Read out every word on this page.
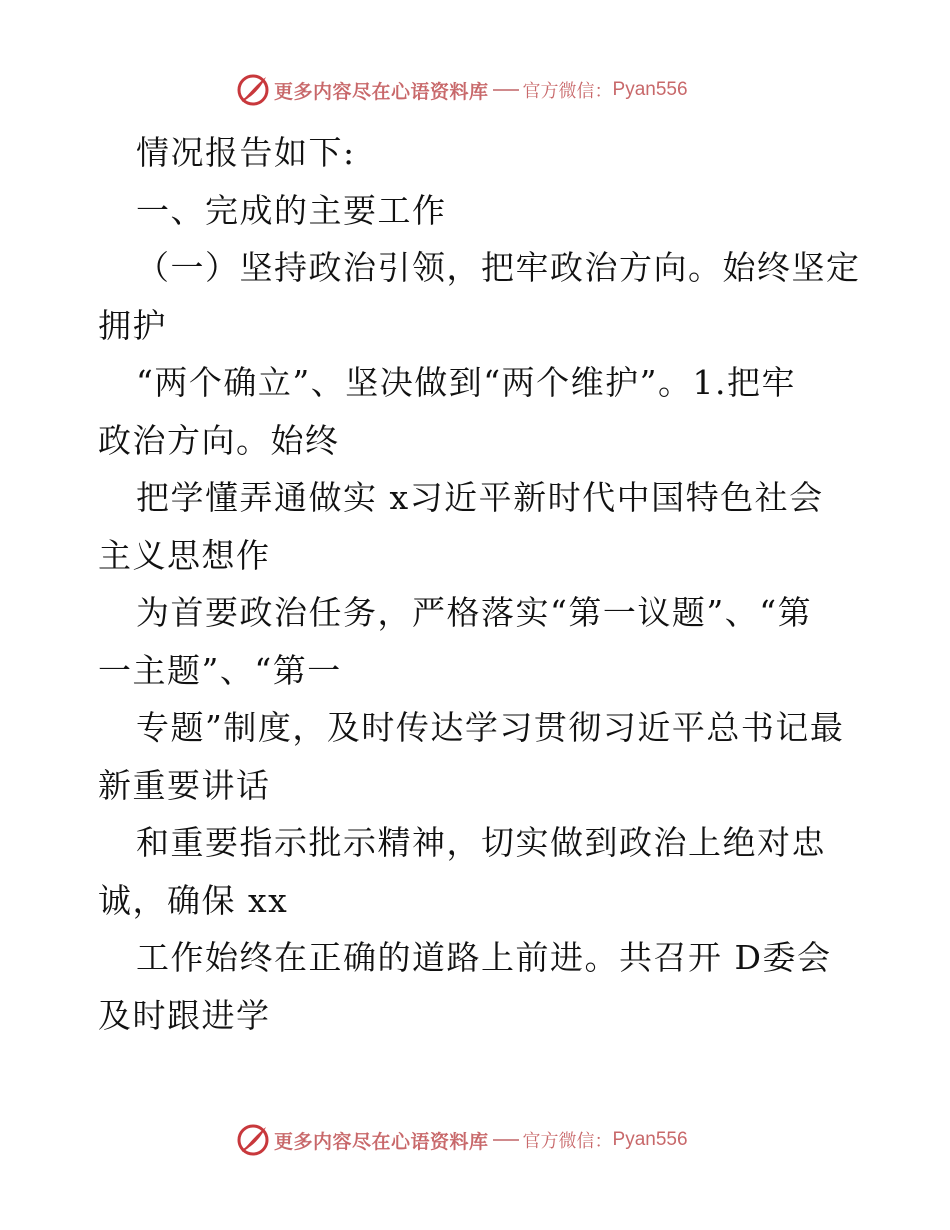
更多内容尽在心语资料库 官方微信： Pyan556
情况报告如下:
一、完成的主要工作
（一）坚持政治引领，把牢政治方向。始终坚定
拥护
“两个确立”、坚决做到“两个维护”。1.把牢
政治方向。始终
把学懂弄通做实 x习近平新时代中国特色社会
主义思想作
为首要政治任务，严格落实“第一议题”、“第
一主题”、“第一
专题”制度，及时传达学习贯彻习近平总书记最
新重要讲话
和重要指示批示精神，切实做到政治上绝对忠
诚，确保 xx
工作始终在正确的道路上前进。共召开 D委会
及时跟进学
更多内容尽在心语资料库 官方微信： Pyan556
